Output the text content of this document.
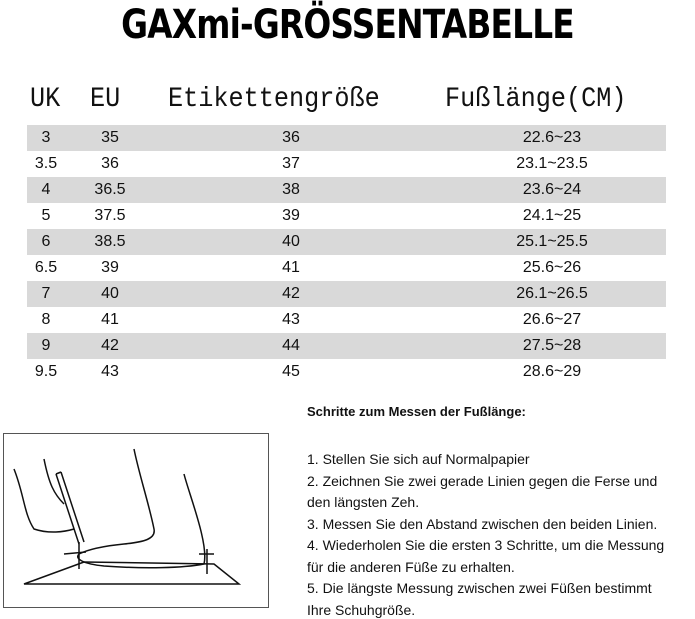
GAXmi-GRÖSSENTABELLE
UK EU Etikettengröße Fußlänge(CM)
3	35	36	22.6~23
3.5	36	37	23.1~23.5
4	36.5	38	23.6~24
5	37.5	39	24.1~25
6	38.5	40	25.1~25.5
6.5	39	41	25.6~26
7	40	42	26.1~26.5
8	41	43	26.6~27
9	42	44	27.5~28
9.5	43	45	28.6~29
Schritte zum Messen der Fußlänge:
1. Stellen Sie sich auf Normalpapier
2. Zeichnen Sie zwei gerade Linien gegen die Ferse und
den längsten Zeh.
3. Messen Sie den Abstand zwischen den beiden Linien.
4. Wiederholen Sie die ersten 3 Schritte, um die Messung
für die anderen Füße zu erhalten.
5. Die längste Messung zwischen zwei Füßen bestimmt
Ihre Schuhgröße.
